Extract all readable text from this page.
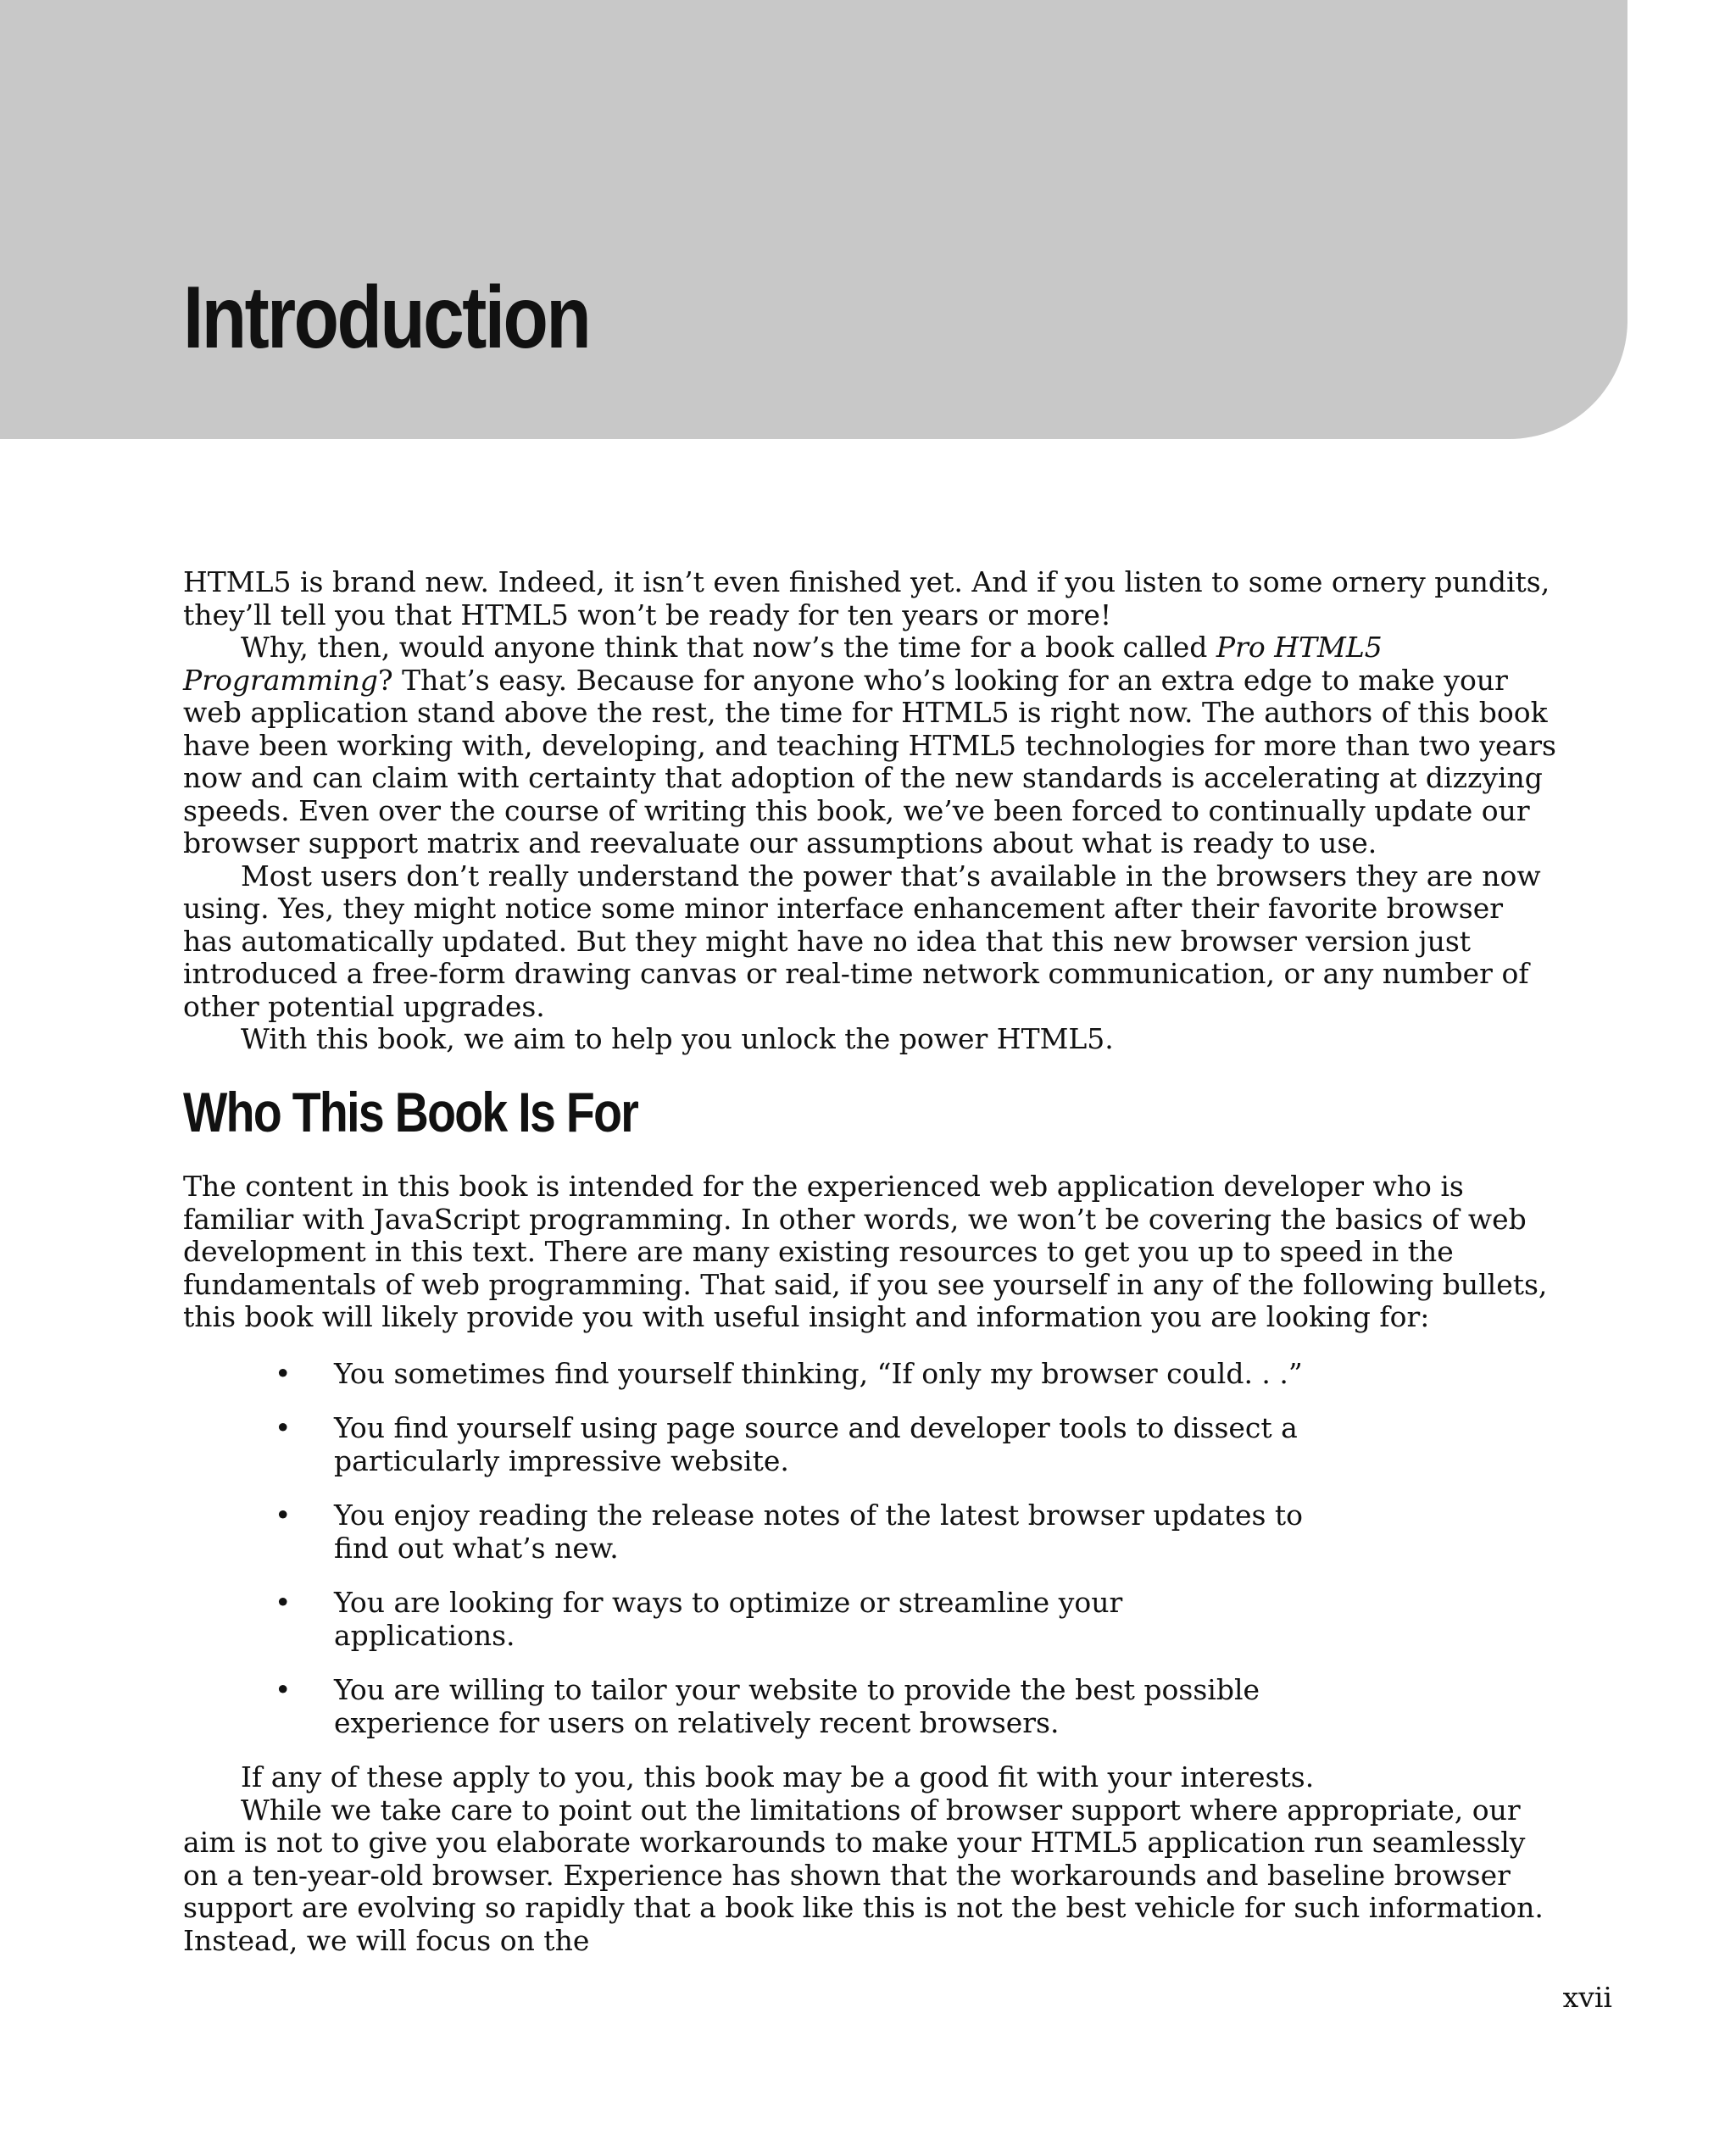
Introduction

HTML5 is brand new. Indeed, it isn’t even finished yet. And if you listen to some ornery pundits, they’ll tell you that HTML5 won’t be ready for ten years or more!

Why, then, would anyone think that now’s the time for a book called Pro HTML5 Programming? That’s easy. Because for anyone who’s looking for an extra edge to make your web application stand above the rest, the time for HTML5 is right now. The authors of this book have been working with, developing, and teaching HTML5 technologies for more than two years now and can claim with certainty that adoption of the new standards is accelerating at dizzying speeds. Even over the course of writing this book, we’ve been forced to continually update our browser support matrix and reevaluate our assumptions about what is ready to use.

Most users don’t really understand the power that’s available in the browsers they are now using. Yes, they might notice some minor interface enhancement after their favorite browser has automatically updated. But they might have no idea that this new browser version just introduced a free-form drawing canvas or real-time network communication, or any number of other potential upgrades.

With this book, we aim to help you unlock the power HTML5.

Who This Book Is For

The content in this book is intended for the experienced web application developer who is familiar with JavaScript programming. In other words, we won’t be covering the basics of web development in this text. There are many existing resources to get you up to speed in the fundamentals of web programming. That said, if you see yourself in any of the following bullets, this book will likely provide you with useful insight and information you are looking for:

• You sometimes find yourself thinking, “If only my browser could. . .”
• You find yourself using page source and developer tools to dissect a particularly impressive website.
• You enjoy reading the release notes of the latest browser updates to find out what’s new.
• You are looking for ways to optimize or streamline your applications.
• You are willing to tailor your website to provide the best possible experience for users on relatively recent browsers.

If any of these apply to you, this book may be a good fit with your interests.

While we take care to point out the limitations of browser support where appropriate, our aim is not to give you elaborate workarounds to make your HTML5 application run seamlessly on a ten-year-old browser. Experience has shown that the workarounds and baseline browser support are evolving so rapidly that a book like this is not the best vehicle for such information. Instead, we will focus on the

xvii
